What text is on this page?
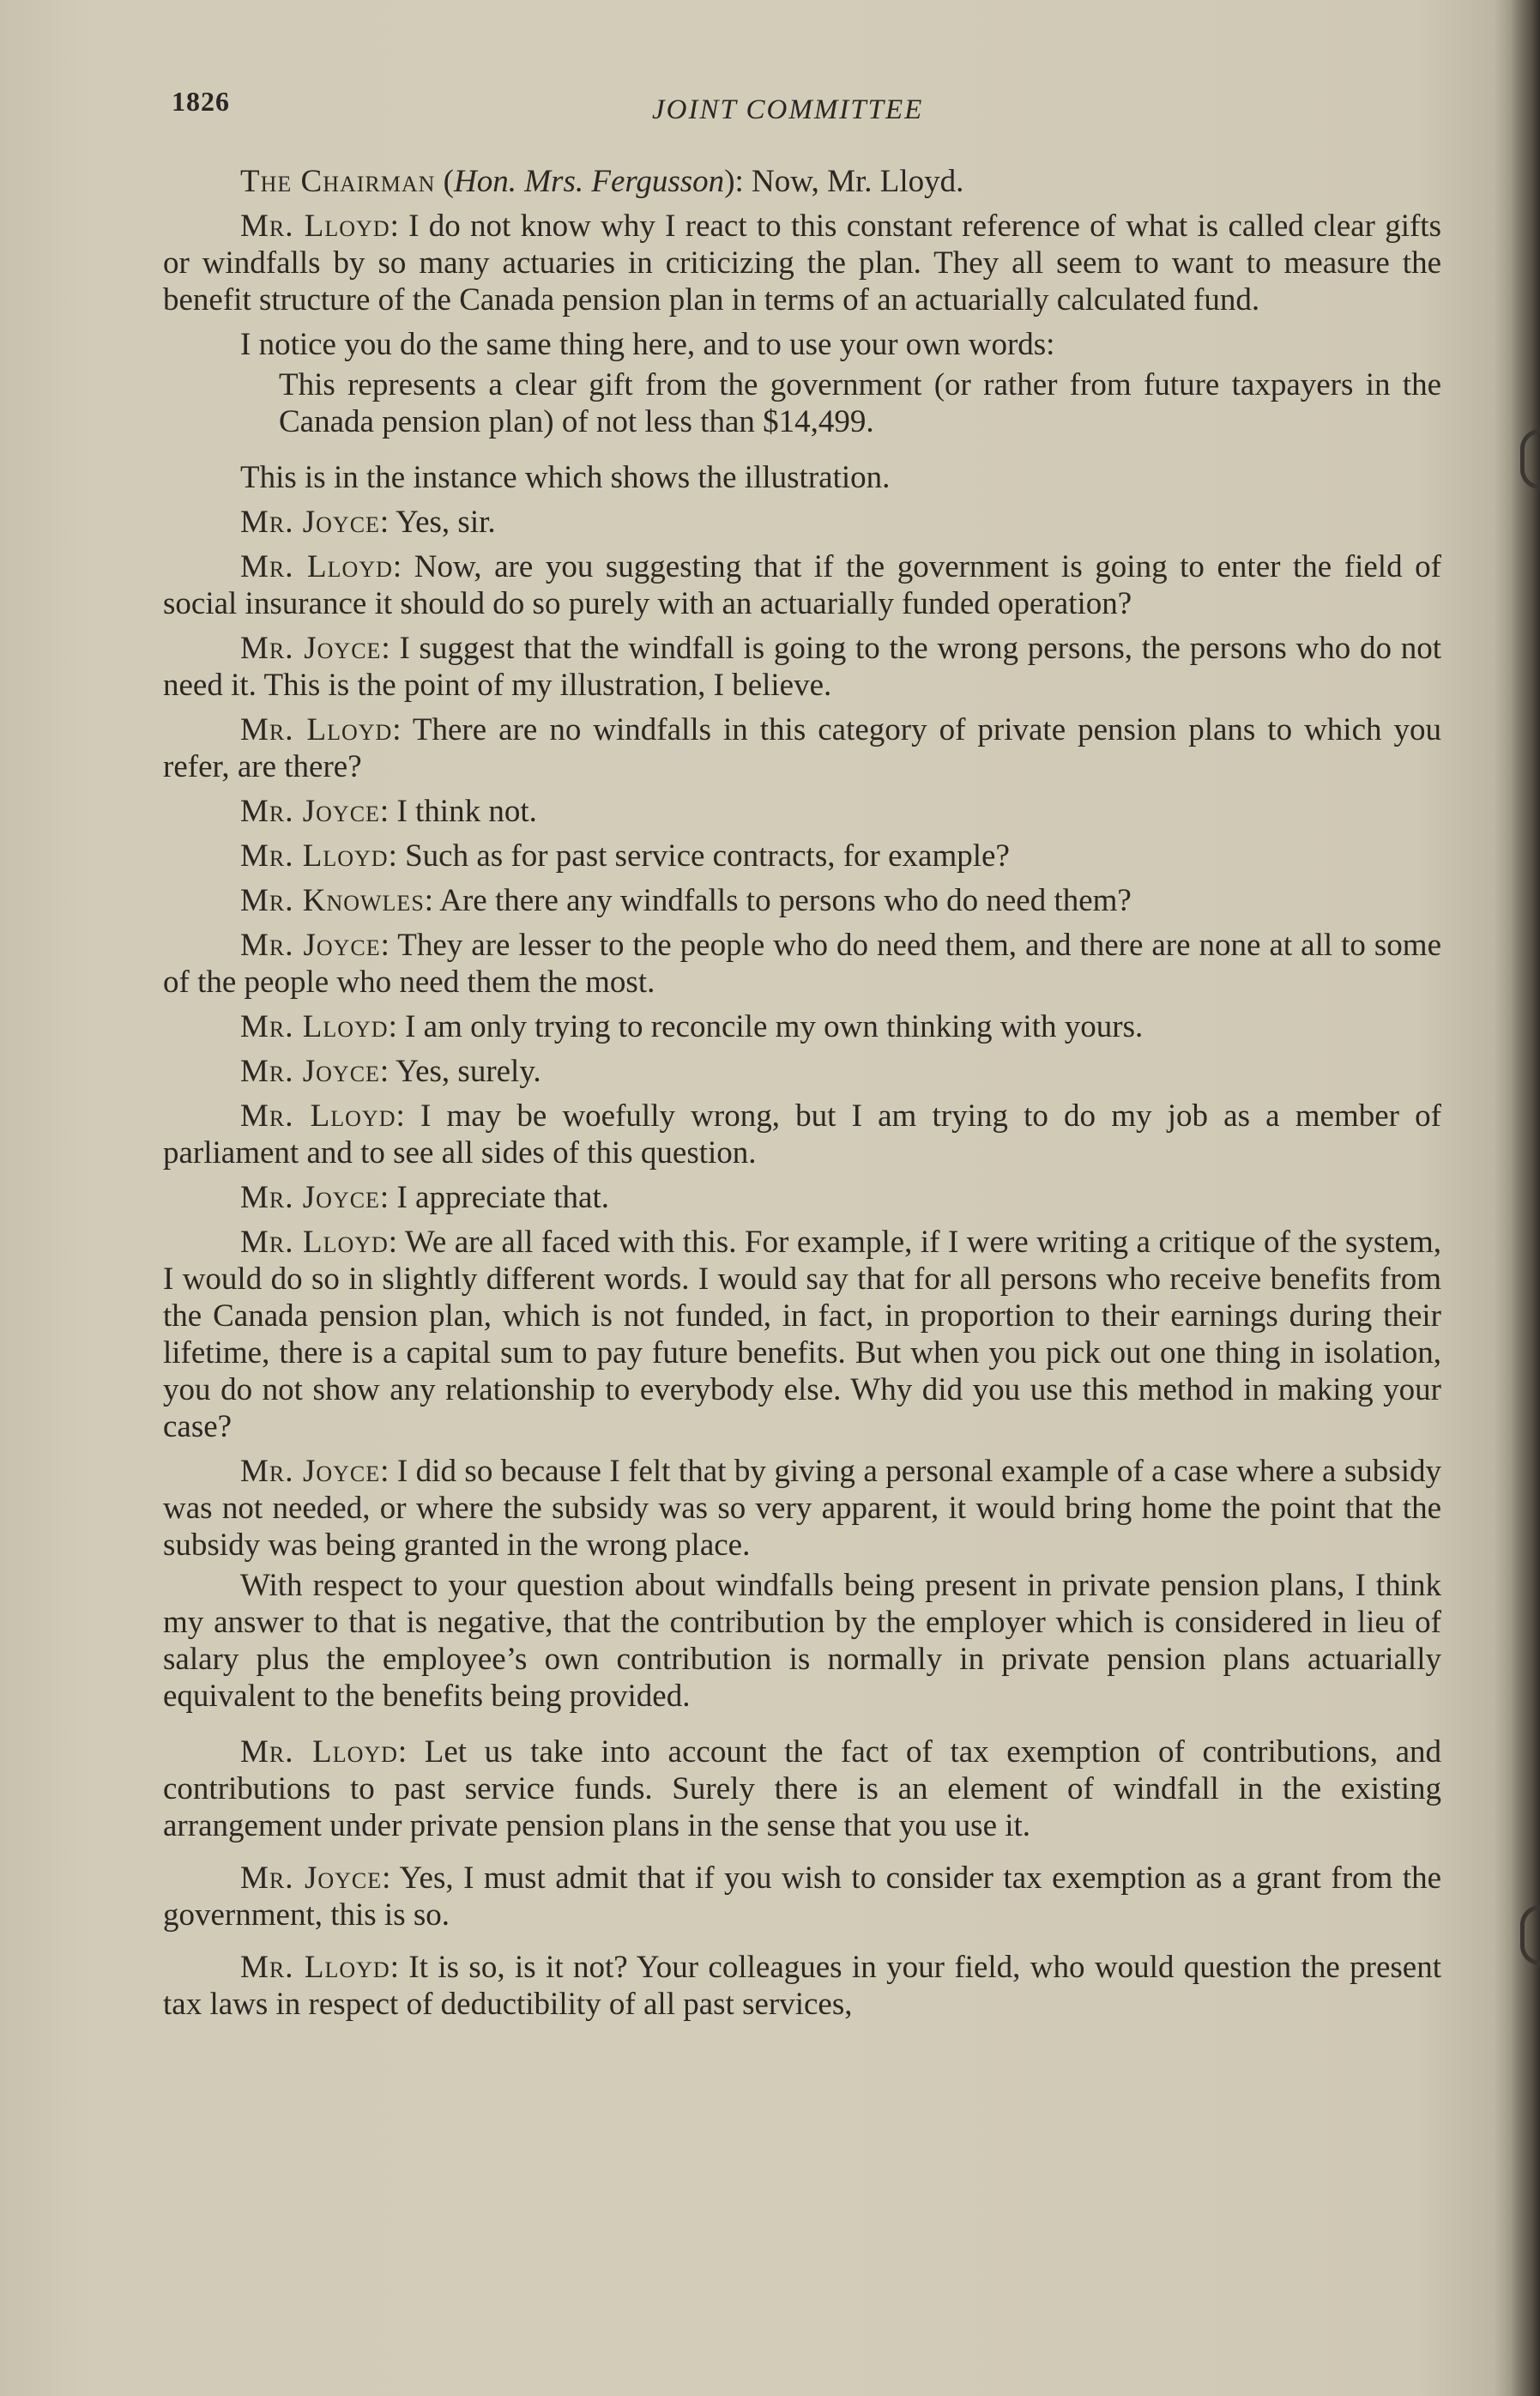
1826	JOINT COMMITTEE

The Chairman (Hon. Mrs. Fergusson): Now, Mr. Lloyd.

Mr. Lloyd: I do not know why I react to this constant reference of what is called clear gifts or windfalls by so many actuaries in criticizing the plan. They all seem to want to measure the benefit structure of the Canada pension plan in terms of an actuarially calculated fund.

I notice you do the same thing here, and to use your own words:

This represents a clear gift from the government (or rather from future taxpayers in the Canada pension plan) of not less than $14,499.

This is in the instance which shows the illustration.

Mr. Joyce: Yes, sir.

Mr. Lloyd: Now, are you suggesting that if the government is going to enter the field of social insurance it should do so purely with an actuarially funded operation?

Mr. Joyce: I suggest that the windfall is going to the wrong persons, the persons who do not need it. This is the point of my illustration, I believe.

Mr. Lloyd: There are no windfalls in this category of private pension plans to which you refer, are there?

Mr. Joyce: I think not.

Mr. Lloyd: Such as for past service contracts, for example?

Mr. Knowles: Are there any windfalls to persons who do need them?

Mr. Joyce: They are lesser to the people who do need them, and there are none at all to some of the people who need them the most.

Mr. Lloyd: I am only trying to reconcile my own thinking with yours.

Mr. Joyce: Yes, surely.

Mr. Lloyd: I may be woefully wrong, but I am trying to do my job as a member of parliament and to see all sides of this question.

Mr. Joyce: I appreciate that.

Mr. Lloyd: We are all faced with this. For example, if I were writing a critique of the system, I would do so in slightly different words. I would say that for all persons who receive benefits from the Canada pension plan, which is not funded, in fact, in proportion to their earnings during their lifetime, there is a capital sum to pay future benefits. But when you pick out one thing in isolation, you do not show any relationship to everybody else. Why did you use this method in making your case?

Mr. Joyce: I did so because I felt that by giving a personal example of a case where a subsidy was not needed, or where the subsidy was so very apparent, it would bring home the point that the subsidy was being granted in the wrong place.

With respect to your question about windfalls being present in private pension plans, I think my answer to that is negative, that the contribution by the employer which is considered in lieu of salary plus the employee’s own contribution is normally in private pension plans actuarially equivalent to the benefits being provided.

Mr. Lloyd: Let us take into account the fact of tax exemption of contributions, and contributions to past service funds. Surely there is an element of windfall in the existing arrangement under private pension plans in the sense that you use it.

Mr. Joyce: Yes, I must admit that if you wish to consider tax exemption as a grant from the government, this is so.

Mr. Lloyd: It is so, is it not? Your colleagues in your field, who would question the present tax laws in respect of deductibility of all past services,
